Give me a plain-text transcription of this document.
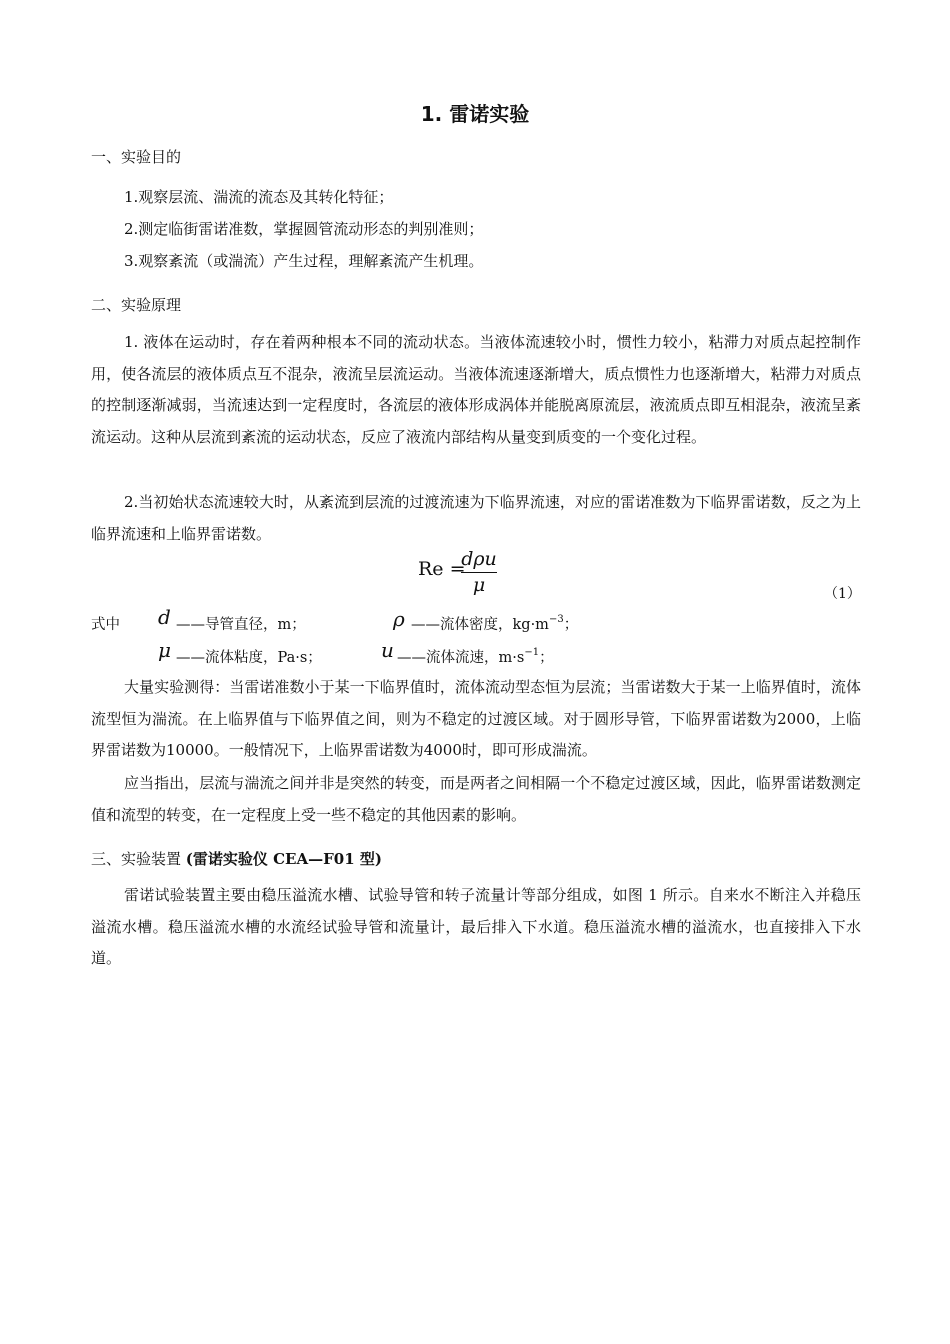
1. 雷诺实验
一、实验目的
1.观察层流、湍流的流态及其转化特征；
2.测定临街雷诺准数，掌握圆管流动形态的判别准则；
3.观察紊流（或湍流）产生过程，理解紊流产生机理。
二、实验原理
1. 液体在运动时，存在着两种根本不同的流动状态。当液体流速较小时，惯性力较小，粘滞力对质点起控制作用，使各流层的液体质点互不混杂，液流呈层流运动。当液体流速逐渐增大，质点惯性力也逐渐增大，粘滞力对质点的控制逐渐减弱，当流速达到一定程度时，各流层的液体形成涡体并能脱离原流层，液流质点即互相混杂，液流呈紊流运动。这种从层流到紊流的运动状态，反应了液流内部结构从量变到质变的一个变化过程。
2.当初始状态流速较大时，从紊流到层流的过渡流速为下临界流速，对应的雷诺准数为下临界雷诺数，反之为上临界流速和上临界雷诺数。
Re =
dρu
μ	（1）
式中 d ——导管直径，m；	ρ ——流体密度，$kg\cdot m^{-3}$；
μ ——流体粘度，Pa·s；	u ——流体流速，$m\cdot s^{-1}$；
大量实验测得：当雷诺准数小于某一下临界值时，流体流动型态恒为层流；当雷诺数大于某一上临界值时，流体流型恒为湍流。在上临界值与下临界值之间，则为不稳定的过渡区域。对于圆形导管，下临界雷诺数为2000，上临界雷诺数为10000。一般情况下，上临界雷诺数为4000时，即可形成湍流。
应当指出，层流与湍流之间并非是突然的转变，而是两者之间相隔一个不稳定过渡区域，因此，临界雷诺数测定值和流型的转变，在一定程度上受一些不稳定的其他因素的影响。
三、实验装置 (雷诺实验仪 CEA—F01 型)
雷诺试验装置主要由稳压溢流水槽、试验导管和转子流量计等部分组成，如图 1 所示。自来水不断注入并稳压溢流水槽。稳压溢流水槽的水流经试验导管和流量计，最后排入下水道。稳压溢流水槽的溢流水，也直接排入下水道。
